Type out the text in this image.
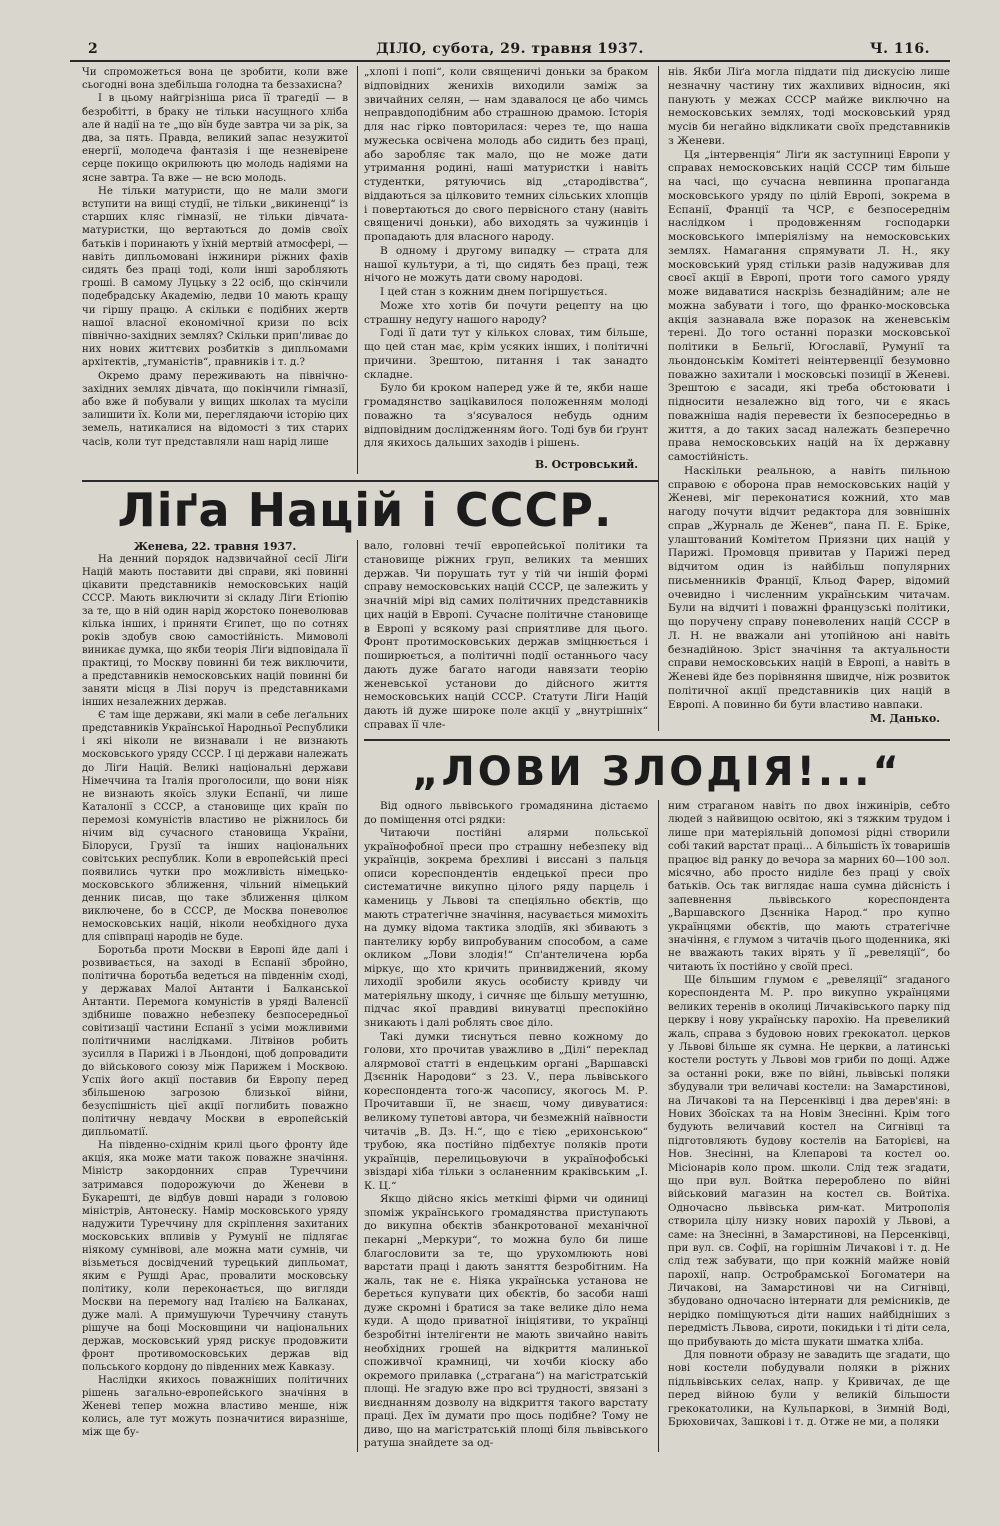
2	ДІЛО, субота, 29. травня 1937.	Ч. 116.

Чи спроможеться вона це зробити, коли вже сьогодні вона здебільша голодна та беззахисна?

І в цьому найгрізніша риса її трагедії — в безробітті, в браку не тільки насущного хліба але й надії на те „що вїн буде завтра чи за рік, за два, за пять. Правда, великий запас незужитої енергії, молодеча фантазія і ще незневірене серце покищо окрилюють цю молодь надіями на ясне завтра. Та вже — не всю молодь.

Не тільки матуристи, що не мали змоги вступити на вищі студії, не тільки „викиненці“ із старших кляс гімназії, не тільки дівчата-матуристки, що вертаються до домів своїх батьків і поринають у їхній мертвій атмосфері, — навіть дипльомовані інжинири ріжних фахів сидять без праці тоді, коли інші заробляють гроші. В самому Луцьку з 22 осіб, що скінчили подебрадську Академію, ледви 10 мають кращу чи гіршу працю. А скільки є подібних жертв нашої власної економічної кризи по всіх північно-західних землях? Скільки прип'ливає до них нових життєвих розбитків з дипльомами архітектів, „гуманістів“, правників і т. д.?

Окремо драму переживають на північно-західних землях дівчата, що покінчили гімназії, або вже й побували у вищих школах та мусіли залишити їх. Коли ми, переглядаючи історію цих земель, натикалися на відомості з тих старих часів, коли тут представляли наш нарід лише

„хлопі і попі“, коли священичі доньки за браком відповідних женихів виходили заміж за звичайних селян, — нам здавалося це або чимсь неправдоподібним або страшною драмою. Історія для нас гірко повторилася: через те, що наша мужеська освічена молодь або сидить без праці, або заробляє так мало, що не може дати утримання родині, наші матуристки і навіть студентки, рятуючись від „стародівства“, віддаються за цілковито темних сільських хлопців і повертаються до свого первісного стану (навіть священичі доньки), або виходять за чужинців і пропадають для власного народу.

В одному і другому випадку — страта для нашої культури, а ті, що сидять без праці, теж нічого не можуть дати свому народові.

І цей стан з кожним днем погіршується.

Може хто хотів би почути рецепту на цю страшну недугу нашого народу?

Годі її дати тут у кількох словах, тим більше, що цей стан має, крім усяких інших, і політичні причини. Зрештою, питання і так занадто складне.

Було би кроком наперед уже й те, якби наше громадянство заціkавилося положенням молоді поважно та з'ясувалося небудь одним відповідним дослідженням його. Тоді був би ґрунт для якихось дальших заходів і рішень.

В. Островський.

Ліґа Націй і СССР.

Женева, 22. травня 1937.

На денний порядок надзвичайної сесії Ліґи Націй мають поставити дві справи, які повинні цікавити представників немосковських націй СССР. Мають виключити зі складу Ліґи Етіопію за те, що в ній один нарід жорстоко поневолював кілька інших, і приняти Єгипет, що по сотнях років здобув свою самостійність. Мимоволі виникає думка, що якби теорія Ліґи відповідала її практиці, то Москву повинні би теж виключити, а представників немосковських націй повинні би заняти місця в Лізі поруч із представниками інших незалежних держав.

Є там іще держави, які мали в себе леґальних представників Української Народньої Республики і які ніколи не визнавали і не визнають московського уряду СССР. І ці держави належать до Ліґи Націй. Великі національні держави Німеччина та Італія проголосили, що вони ніяк не визнають якоїсь злуки Еспанії, чи лише Каталонії з СССР, а становище цих країн по перемозі комуністів властиво не ріжнилось би нічим від сучасного становища України, Білоруси, Грузії та інших національних совітських республик. Коли в европейській пресі появились чутки про можливість німецько-московського зближення, чільний німецький денник писав, що таке зближення цілком виключене, бо в СССР, де Москва поневолює немосковських націй, ніколи необхідного духа для співпраці народів не буде.

Боротьба проти Москви в Европі йде далі і розвивається, на заході в Еспанії збройно, політична боротьба ведеться на південнім сході, у державах Малої Антанти і Балканської Антанти. Перемога комуністів в уряді Валенсії здібнише поважно небезпеку безпосередньої совітизації частини Еспанії з усіми можливими політичними наслідками. Літвінов робить зусилля в Парижі і в Льондоні, щоб допровадити до військового союзу між Парижем і Москвою. Успіх його акції поставив би Европу перед збільшеною загрозою близької війни, безуспішність цієї акції поглибить поважно політичну невдачу Москви в европейській дипльоматії.

На південно-східнім крилі цього фронту йде акція, яка може мати також поважне значіння. Міністр закордонних справ Туреччини затримався подорожуючи до Женеви в Букарешті, де відбув довші наради з головою міністрів, Антонеску. Намір московського уряду надужити Туреччину для скріплення захитаних московських впливів у Румунії не підлягає ніякому сумнівові, але можна мати сумнів, чи візьметься досвідчений турецький дипльомат, яким є Рушді Арас, провалити московську політику, коли переконається, що вигляди Москви на перемогу над Італією на Балканах, дуже малі. А примушуючи Туреччину стануть рішуче на боці Московщини чи національних держав, московський уряд рискує продовжити фронт противомосковських держав від польського кордону до південних меж Кавказу.

Наслідки якихось поважніших політичних рішень загально-европейського значіння в Женеві тепер можна властиво менше, ніж колись, але тут можуть позначитися виразніше, між ще бу-

вало, головні течії европейської політики та становище ріжних груп, великих та менших держав. Чи порушать тут у тій чи іншій формі справу немосковських націй СССР, це залежить у значній мірі від самих політичних представників цих націй в Европі. Сучасне політичне становище в Европі у всякому разі сприятливе для цього. Фронт протимосковських держав зміцнюється і поширюється, а політичні події останнього часу дають дуже багато нагоди навязати теорію женевської установи до дійсного життя немосковських націй СССР. Статути Ліґи Націй дають ій дуже широке поле акції у „внутрішніх“ справах її чле-

нів. Якби Ліґа могла піддати під дискусію лише незначну частину тих жахливих відносин, які панують у межах СССР майже виключно на немосковських землях, тоді московський уряд мусів би негайно відкликати своїх представників з Женеви.

Ця „інтервенція“ Ліґи як заступниці Европи у справах немосковських націй СССР тим більше на часі, що сучасна невпинна пропаганда московського уряду по цілій Европі, зокрема в Еспанії, Франції та ЧСР, є безпосереднім наслідком і продовженням господарки московського імперіялізму на немосковських землях. Намагання спрямувати Л. Н., яку московський уряд стільки разів надуживав для своєї акції в Европі, проти того самого уряду може видаватися наскрізь безнадійним; але не можна забувати і того, що франко-московська акція зазнавала вже поразок на женевськім терені. До того останні поразки московської політики в Бельгії, Югославії, Румунії та льондонськім Комітеті неінтервенції безумовно поважно захитали і московські позиції в Женеві. Зрештою є засади, які треба обстоювати і підносити незалежно від того, чи є якась поважніша надія перевести їх безпосередньо в життя, а до таких засад належать безперечно права немосковських націй на їх державну самостійність.

Наскільки реальною, а навіть пильною справою є оборона прав немосковських націй у Женеві, міг переконатися кожний, хто мав нагоду почути відчит редактора для зовнішніх справ „Журналь де Женев“, пана П. Е. Бріке, улаштований Комітетом Приязни цих націй у Парижі. Промовця привитав у Парижі перед відчитом один із найбільш популярних письменників Франції, Кльод Фарер, відомий очевидно і численним українським читачам. Були на відчиті і поважні французські політики, що поручену справу поневолених націй СССР в Л. Н. не вважали ані утопійною ані навіть безнадійною. Зріст значіння та актуальности справи немосковських націй в Европі, а навіть в Женеві йде без порівняння швидче, ніж розвиток політичної акції представників цих націй в Европі. А повинно би бути властиво навпаки.

М. Данько.

„ЛОВИ ЗЛОДІЯ!...“

Від одного львівського громадянина дістаємо до поміщення отсі рядки:

Читаючи постійні алярми польської українофобної преси про страшну небезпеку від українців, зокрема брехливі і виссані з пальця описи кореспондентів ендецької преси про систематичне викупно цілого ряду парцель і камениць у Львові та спеціяльно обєктів, що мають стратегічне значіння, насувається мимохіть на думку відома тактика злодіїв, які збивають з пантелику юрбу випробуваним способом, а саме окликом „Лови злодія!“ Сп'антеличена юрба міркує, що хто кричить принвиджений, якому лиходії зробили якусь особисту кривду чи матеріяльну шкоду, і сичняє ще більшу метушню, підчас якої правдиві винуватці преспокійно зникають і далі роблять своє діло.

Такі думки тиснуться певно кожному до голови, хто прочитав уважливо в „Ділі“ переклад алярмової статті в ендецьким органі „Варшавскі Дзєннік Народови“ з 23. V., пера львівського кореспондента того-ж часопису, якогось М. Р. Прочитавши її, не знаєш, чому дивуватися: великому тупетові автора, чи безмежній наївности читачів „В. Дз. Н.“, що є тією „ерихонською“ трубою, яка постійно підбехтує поляків проти українців, перелицьовуючи в українофобські звіздарі хіба тільки з осланенним краківським „І. К. Ц.“

Якщо дійсно якісь меткіші фірми чи одиниці зпоміж українського громадянства приступають до викупна обєктів збанкротованої механічної пекарні „Меркури“, то можна було би лише благословити за те, що урухомлюють нові варстати праці і дають заняття безробітним. На жаль, так не є. Ніяка українська установа не береться купувати цих обєктів, бо засоби наші дуже скромні і братися за таке велике діло нема куди. А щодо приватної ініціятиви, то українці безробітні інтелігенти не мають звичайно навіть необхідних грошей на відкриття малинької споживчої крамниці, чи хочби кіоску або окремого прилавка („страгана“) на магістратській площі. Не згадую вже про всі трудності, звязані з виєднанням дозволу на відкриття такого варстату праці. Дех їм думати про щось подібне? Тому не диво, що на магістратській площі біля львівського ратуша знайдете за од-

ним страганом навіть по двох інжинірів, себто людей з найвищою освітою, які з тяжким трудом і лише при матеріяльній допомозі рідні створили собі такий варстат праці... А більшість їх товаришів працює від ранку до вечора за марних 60—100 зол. місячно, або просто ниділе без праці у своїх батьків. Ось так виглядає наша сумна дійсність і запевнення львівського кореспондента „Варшавского Дзєнніка Народ.“ про купно українцями обєктів, що мають стратегічне значіння, є глумом з читачів цього щоденника, які не вважають таких вірять у її „ревеляції“, бо читають їх постійно у своїй пресі.

Ще більшим глумом є „ревеляції“ згаданого кореспондента М. Р. про викупно українцями великих теренів в околиці Личаківського парку під церкву і нову українську парохію. На превеликий жаль, справа з будовою нових грекокатол. церков у Львові більше як сумна. Не церкви, а латинські костели ростуть у Львові мов гриби по дощі. Адже за останні роки, вже по війні, львівські поляки збудували три величаві костели: на Замарстинові, на Личакові та на Персенківці і два дерев'яні: в Нових Збоїсках та на Новім Знесінні. Крім того будують величавий костел на Сигнівці та підготовляють будову костелів на Баторієві, на Нов. Знесінні, на Клепарові та костел оо. Місіонарів коло пром. школи. Слід теж згадати, що при вул. Войтка перероблено по війні військовий магазин на костел св. Войтіха. Одночасно львівська рим-кат. Митрополія створила цілу низку нових парохій у Львові, а саме: на Знесінні, в Замарстинові, на Персенківці, при вул. св. Софії, на горішнім Личакові і т. д. Не слід теж забувати, що при кожній майже новій парохії, напр. Остробрамської Богоматери на Личакові, на Замарстинові чи на Сигнівці, збудовано одночасно інтернати для ремісників, де нерідко поміщуються діти наших найбідніших з передмість Львова, сироти, покидьки і ті діти села, що прибувають до міста шукати шматка хліба.

Для повноти образу не завадить ще згадати, що нові костели побудували поляки в ріжних підльвівських селах, напр. у Кривичах, де ще перед війною були у великій більшости грекокатолики, на Кульпаркові, в Зимній Воді, Брюховичах, Зашкові і т. д. Отже не ми, а поляки
